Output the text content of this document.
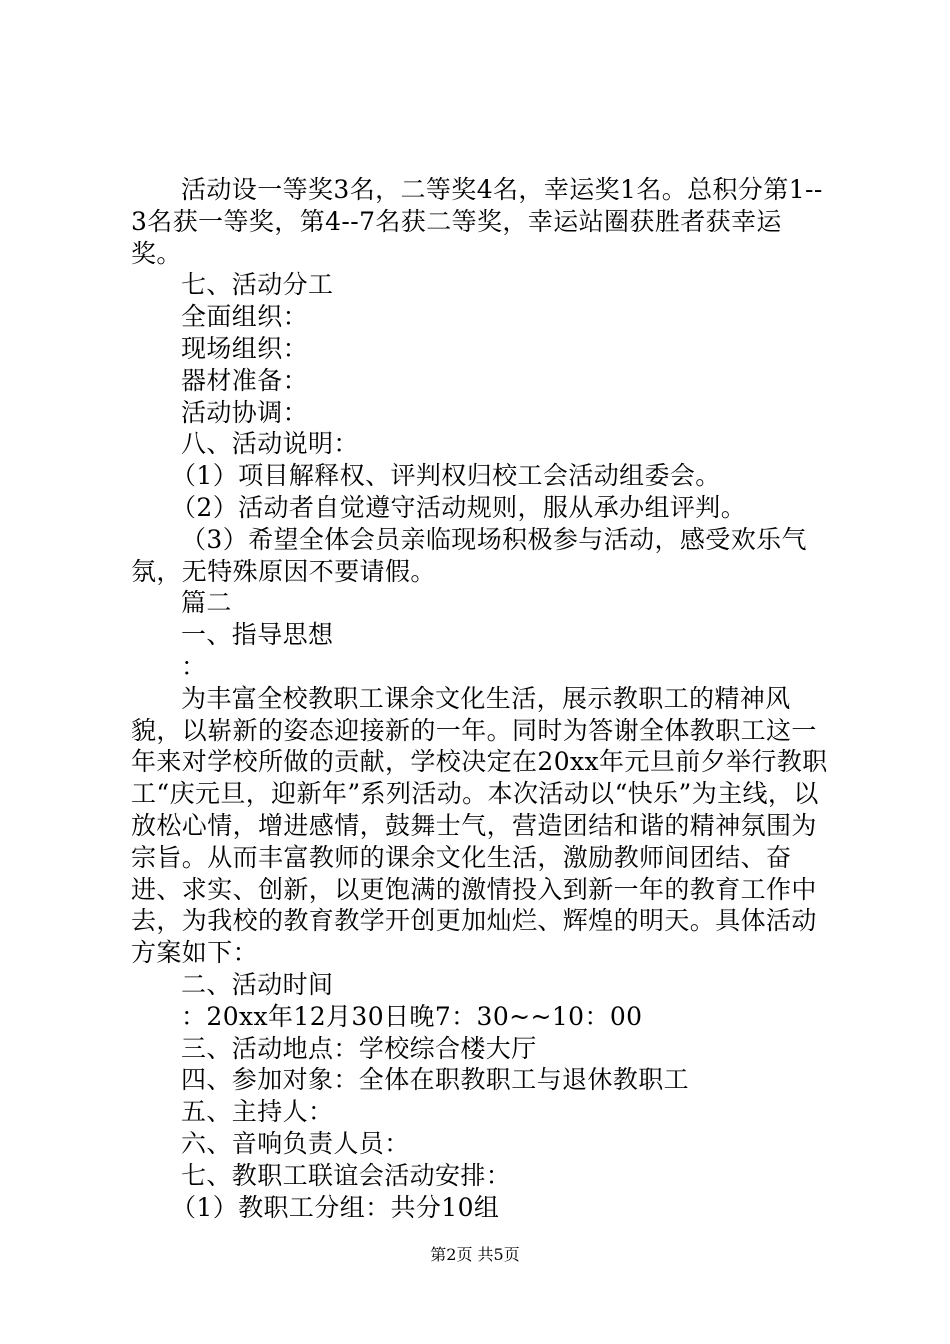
活动设一等奖3名，二等奖4名，幸运奖1名。总积分第1--3名获一等奖，第4--7名获二等奖，幸运站圈获胜者获幸运奖。

七、活动分工

全面组织：

现场组织：

器材准备：

活动协调：

八、活动说明：

（1）项目解释权、评判权归校工会活动组委会。

（2）活动者自觉遵守活动规则，服从承办组评判。

（3）希望全体会员亲临现场积极参与活动，感受欢乐气氛，无特殊原因不要请假。

篇二

一、指导思想

：

为丰富全校教职工课余文化生活，展示教职工的精神风貌，以崭新的姿态迎接新的一年。同时为答谢全体教职工这一年来对学校所做的贡献，学校决定在20xx年元旦前夕举行教职工“庆元旦，迎新年”系列活动。本次活动以“快乐”为主线，以放松心情，增进感情，鼓舞士气，营造团结和谐的精神氛围为宗旨。从而丰富教师的课余文化生活，激励教师间团结、奋进、求实、创新，以更饱满的激情投入到新一年的教育工作中去，为我校的教育教学开创更加灿烂、辉煌的明天。具体活动方案如下：

二、活动时间

：20xx年12月30日晚7：30~~10：00

三、活动地点：学校综合楼大厅

四、参加对象：全体在职教职工与退休教职工

五、主持人：

六、音响负责人员：

七、教职工联谊会活动安排：

（1）教职工分组：共分10组

第2页 共5页
